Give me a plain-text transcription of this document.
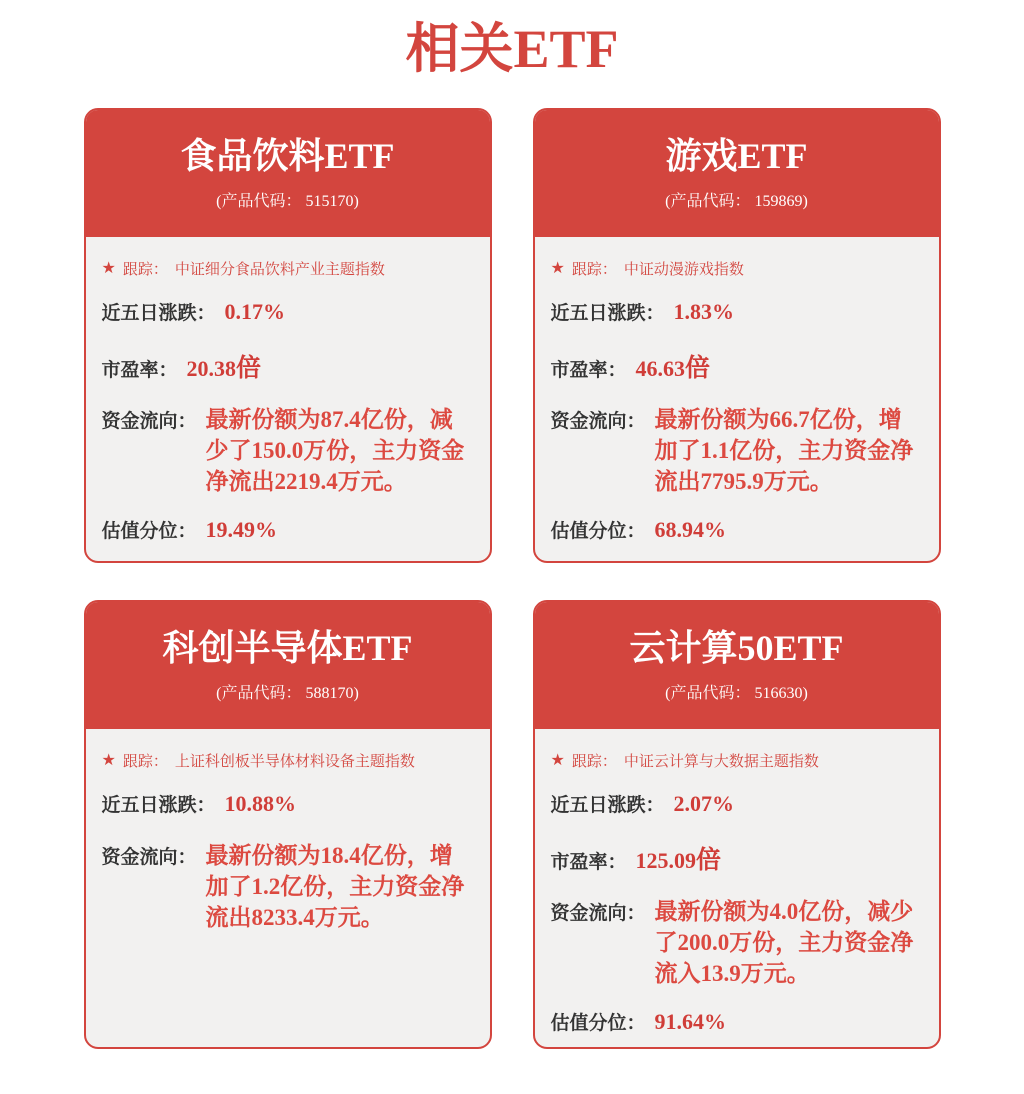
相关ETF
食品饮料ETF
(产品代码： 515170)
★ 跟踪： 中证细分食品饮料产业主题指数
近五日涨跌： 0.17%
市盈率： 20.38 倍
资金流向： 最新份额为87.4亿份，减少了150.0万份，主力资金净流出2219.4万元。
估值分位： 19.49%
游戏ETF
(产品代码： 159869)
★ 跟踪： 中证动漫游戏指数
近五日涨跌： 1.83%
市盈率： 46.63 倍
资金流向： 最新份额为66.7亿份，增加了1.1亿份，主力资金净流出7795.9万元。
估值分位： 68.94%
科创半导体ETF
(产品代码： 588170)
★ 跟踪： 上证科创板半导体材料设备主题指数
近五日涨跌： 10.88%
资金流向： 最新份额为18.4亿份，增加了1.2亿份，主力资金净流出8233.4万元。
云计算50ETF
(产品代码： 516630)
★ 跟踪： 中证云计算与大数据主题指数
近五日涨跌： 2.07%
市盈率： 125.09 倍
资金流向： 最新份额为4.0亿份，减少了200.0万份，主力资金净流入13.9万元。
估值分位： 91.64%
